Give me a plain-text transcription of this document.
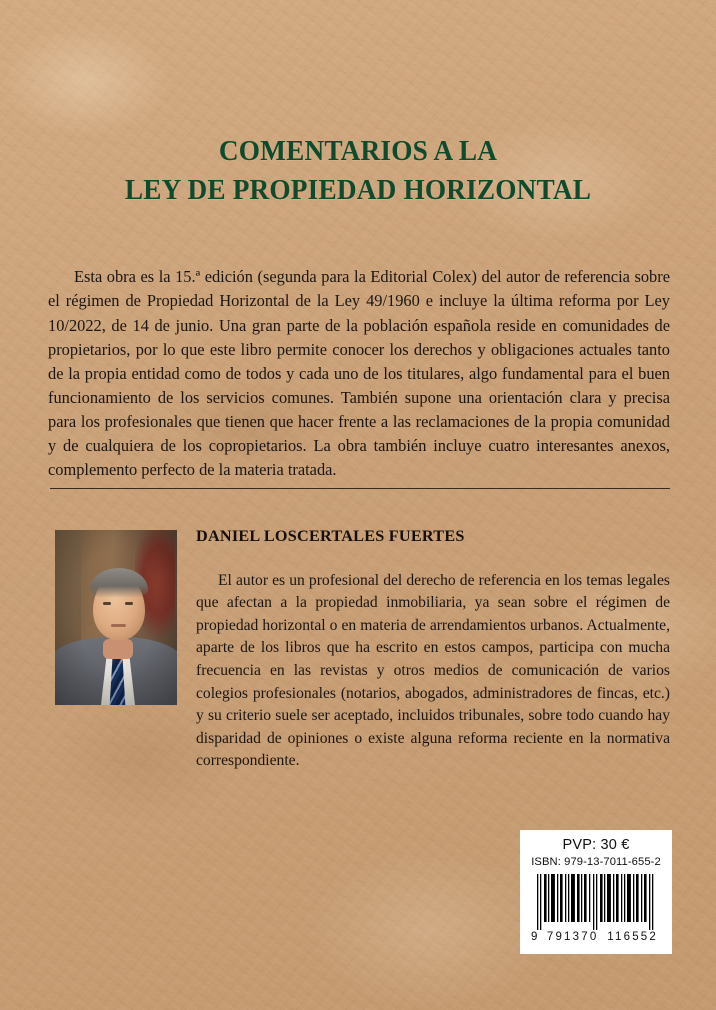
COMENTARIOS A LA
LEY DE PROPIEDAD HORIZONTAL

Esta obra es la 15.ª edición (segunda para la Editorial Colex) del autor de referencia sobre el régimen de Propiedad Horizontal de la Ley 49/1960 e incluye la última reforma por Ley 10/2022, de 14 de junio. Una gran parte de la población española reside en comunidades de propietarios, por lo que este libro permite conocer los derechos y obligaciones actuales tanto de la propia entidad como de todos y cada uno de los titulares, algo fundamental para el buen funcionamiento de los servicios comunes. También supone una orientación clara y precisa para los profesionales que tienen que hacer frente a las reclamaciones de la propia comunidad y de cualquiera de los copropietarios. La obra también incluye cuatro interesantes anexos, complemento perfecto de la materia tratada.

DANIEL LOSCERTALES FUERTES

El autor es un profesional del derecho de referencia en los temas legales que afectan a la propiedad inmobiliaria, ya sean sobre el régimen de propiedad horizontal o en materia de arrendamientos urbanos. Actualmente, aparte de los libros que ha escrito en estos campos, participa con mucha frecuencia en las revistas y otros medios de comunicación de varios colegios profesionales (notarios, abogados, administradores de fincas, etc.) y su criterio suele ser aceptado, incluidos tribunales, sobre todo cuando hay disparidad de opiniones o existe alguna reforma reciente en la normativa correspondiente.

PVP: 30 €
ISBN: 979-13-7011-655-2
9 791370 116552
